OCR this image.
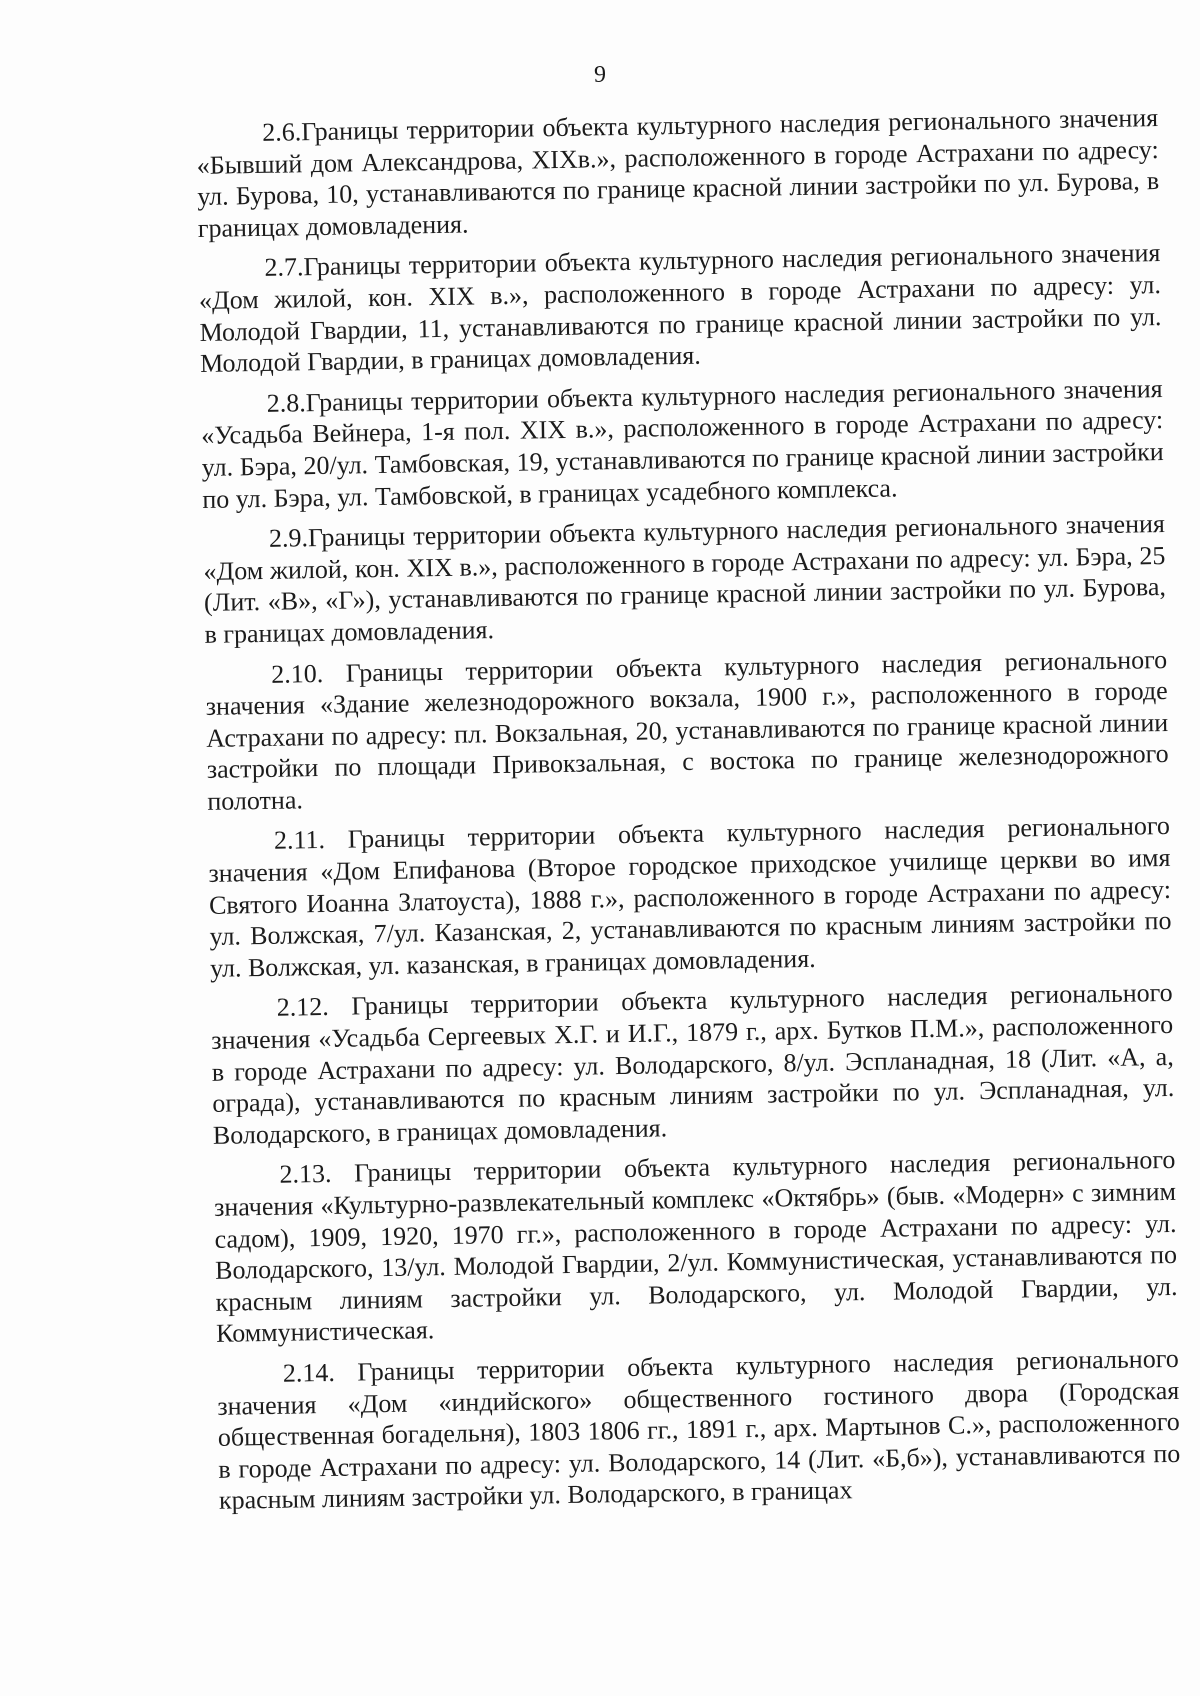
9

2.6.Границы территории объекта культурного наследия регионального значения «Бывший дом Александрова, XIXв.», расположенного в городе Астрахани по адресу: ул. Бурова, 10, устанавливаются по границе красной линии застройки по ул. Бурова, в границах домовладения.

2.7.Границы территории объекта культурного наследия регионального значения «Дом жилой, кон. XIX в.», расположенного в городе Астрахани по адресу: ул. Молодой Гвардии, 11, устанавливаются по границе красной линии застройки по ул. Молодой Гвардии, в границах домовладения.

2.8.Границы территории объекта культурного наследия регионального значения «Усадьба Вейнера, 1-я пол. XIX в.», расположенного в городе Астрахани по адресу: ул. Бэра, 20/ул. Тамбовская, 19, устанавливаются по границе красной линии застройки по ул. Бэра, ул. Тамбовской, в границах усадебного комплекса.

2.9.Границы территории объекта культурного наследия регионального значения «Дом жилой, кон. XIX в.», расположенного в городе Астрахани по адресу: ул. Бэра, 25 (Лит. «В», «Г»), устанавливаются по границе красной линии застройки по ул. Бурова, в границах домовладения.

2.10. Границы территории объекта культурного наследия регионального значения «Здание железнодорожного вокзала, 1900 г.», расположенного в городе Астрахани по адресу: пл. Вокзальная, 20, устанавливаются по границе красной линии застройки по площади Привокзальная, с востока по границе железнодорожного полотна.

2.11. Границы территории объекта культурного наследия регионального значения «Дом Епифанова (Второе городское приходское училище церкви во имя Святого Иоанна Златоуста), 1888 г.», расположенного в городе Астрахани по адресу: ул. Волжская, 7/ул. Казанская, 2, устанавливаются по красным линиям застройки по ул. Волжская, ул. казанская, в границах домовладения.

2.12. Границы территории объекта культурного наследия регионального значения «Усадьба Сергеевых Х.Г. и И.Г., 1879 г., арх. Бутков П.М.», расположенного в городе Астрахани по адресу: ул. Володарского, 8/ул. Эспланадная, 18 (Лит. «А, а, ограда), устанавливаются по красным линиям застройки по ул. Эспланадная, ул. Володарского, в границах домовладения.

2.13. Границы территории объекта культурного наследия регионального значения «Культурно-развлекательный комплекс «Октябрь» (быв. «Модерн» с зимним садом), 1909, 1920, 1970 гг.», расположенного в городе Астрахани по адресу: ул. Володарского, 13/ул. Молодой Гвардии, 2/ул. Коммунистическая, устанавливаются по красным линиям застройки ул. Володарского, ул. Молодой Гвардии, ул. Коммунистическая.

2.14. Границы территории объекта культурного наследия регионального значения «Дом «индийского» общественного гостиного двора (Городская общественная богадельня), 1803 1806 гг., 1891 г., арх. Мартынов С.», расположенного в городе Астрахани по адресу: ул. Володарского, 14 (Лит. «Б,б»), устанавливаются по красным линиям застройки ул. Володарского, в границах
